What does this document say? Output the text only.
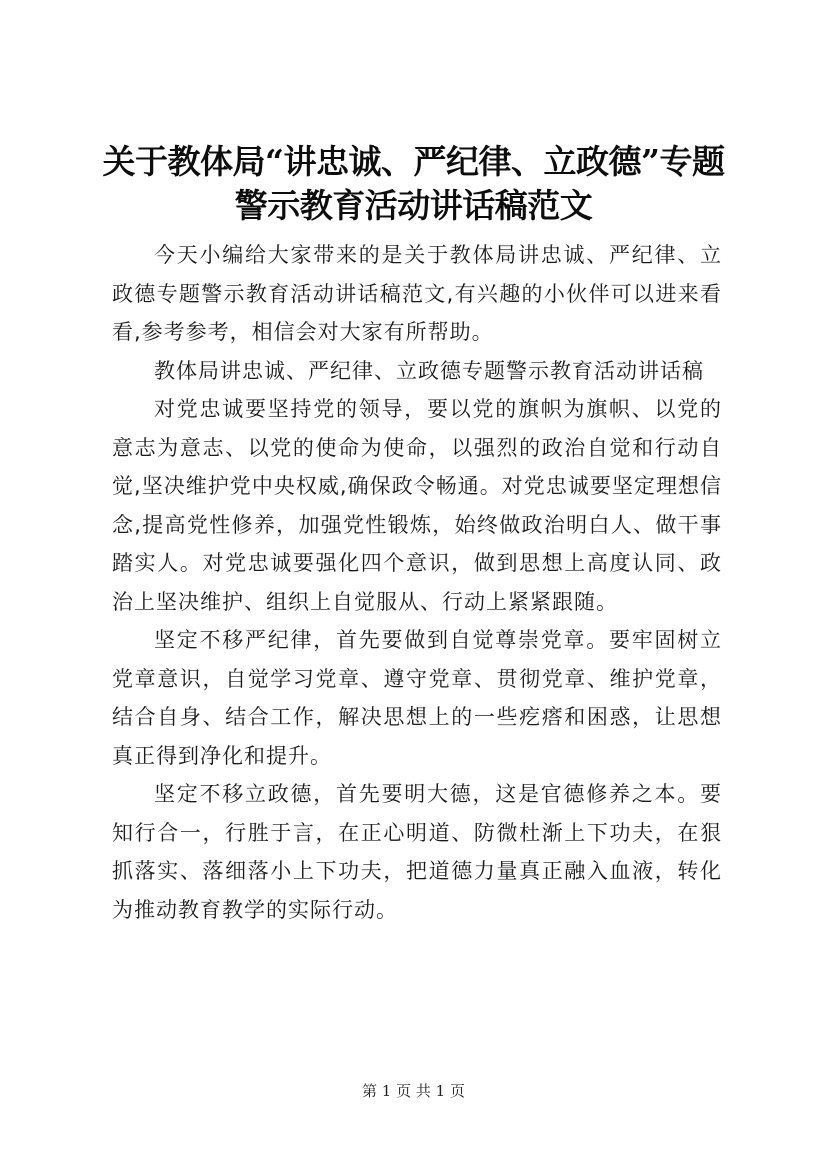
关于教体局“讲忠诚、严纪律、立政德”专题
警示教育活动讲话稿范文

今天小编给大家带来的是关于教体局讲忠诚、严纪律、立政德专题警示教育活动讲话稿范文,有兴趣的小伙伴可以进来看看,参考参考，相信会对大家有所帮助。

教体局讲忠诚、严纪律、立政德专题警示教育活动讲话稿

对党忠诚要坚持党的领导，要以党的旗帜为旗帜、以党的意志为意志、以党的使命为使命，以强烈的政治自觉和行动自觉,坚决维护党中央权威,确保政令畅通。对党忠诚要坚定理想信念,提高党性修养，加强党性锻炼，始终做政治明白人、做干事踏实人。对党忠诚要强化四个意识，做到思想上高度认同、政治上坚决维护、组织上自觉服从、行动上紧紧跟随。

坚定不移严纪律，首先要做到自觉尊崇党章。要牢固树立党章意识，自觉学习党章、遵守党章、贯彻党章、维护党章，结合自身、结合工作，解决思想上的一些疙瘩和困惑，让思想真正得到净化和提升。

坚定不移立政德，首先要明大德，这是官德修养之本。要知行合一，行胜于言，在正心明道、防微杜渐上下功夫，在狠抓落实、落细落小上下功夫，把道德力量真正融入血液，转化为推动教育教学的实际行动。

第 1 页 共 1 页
